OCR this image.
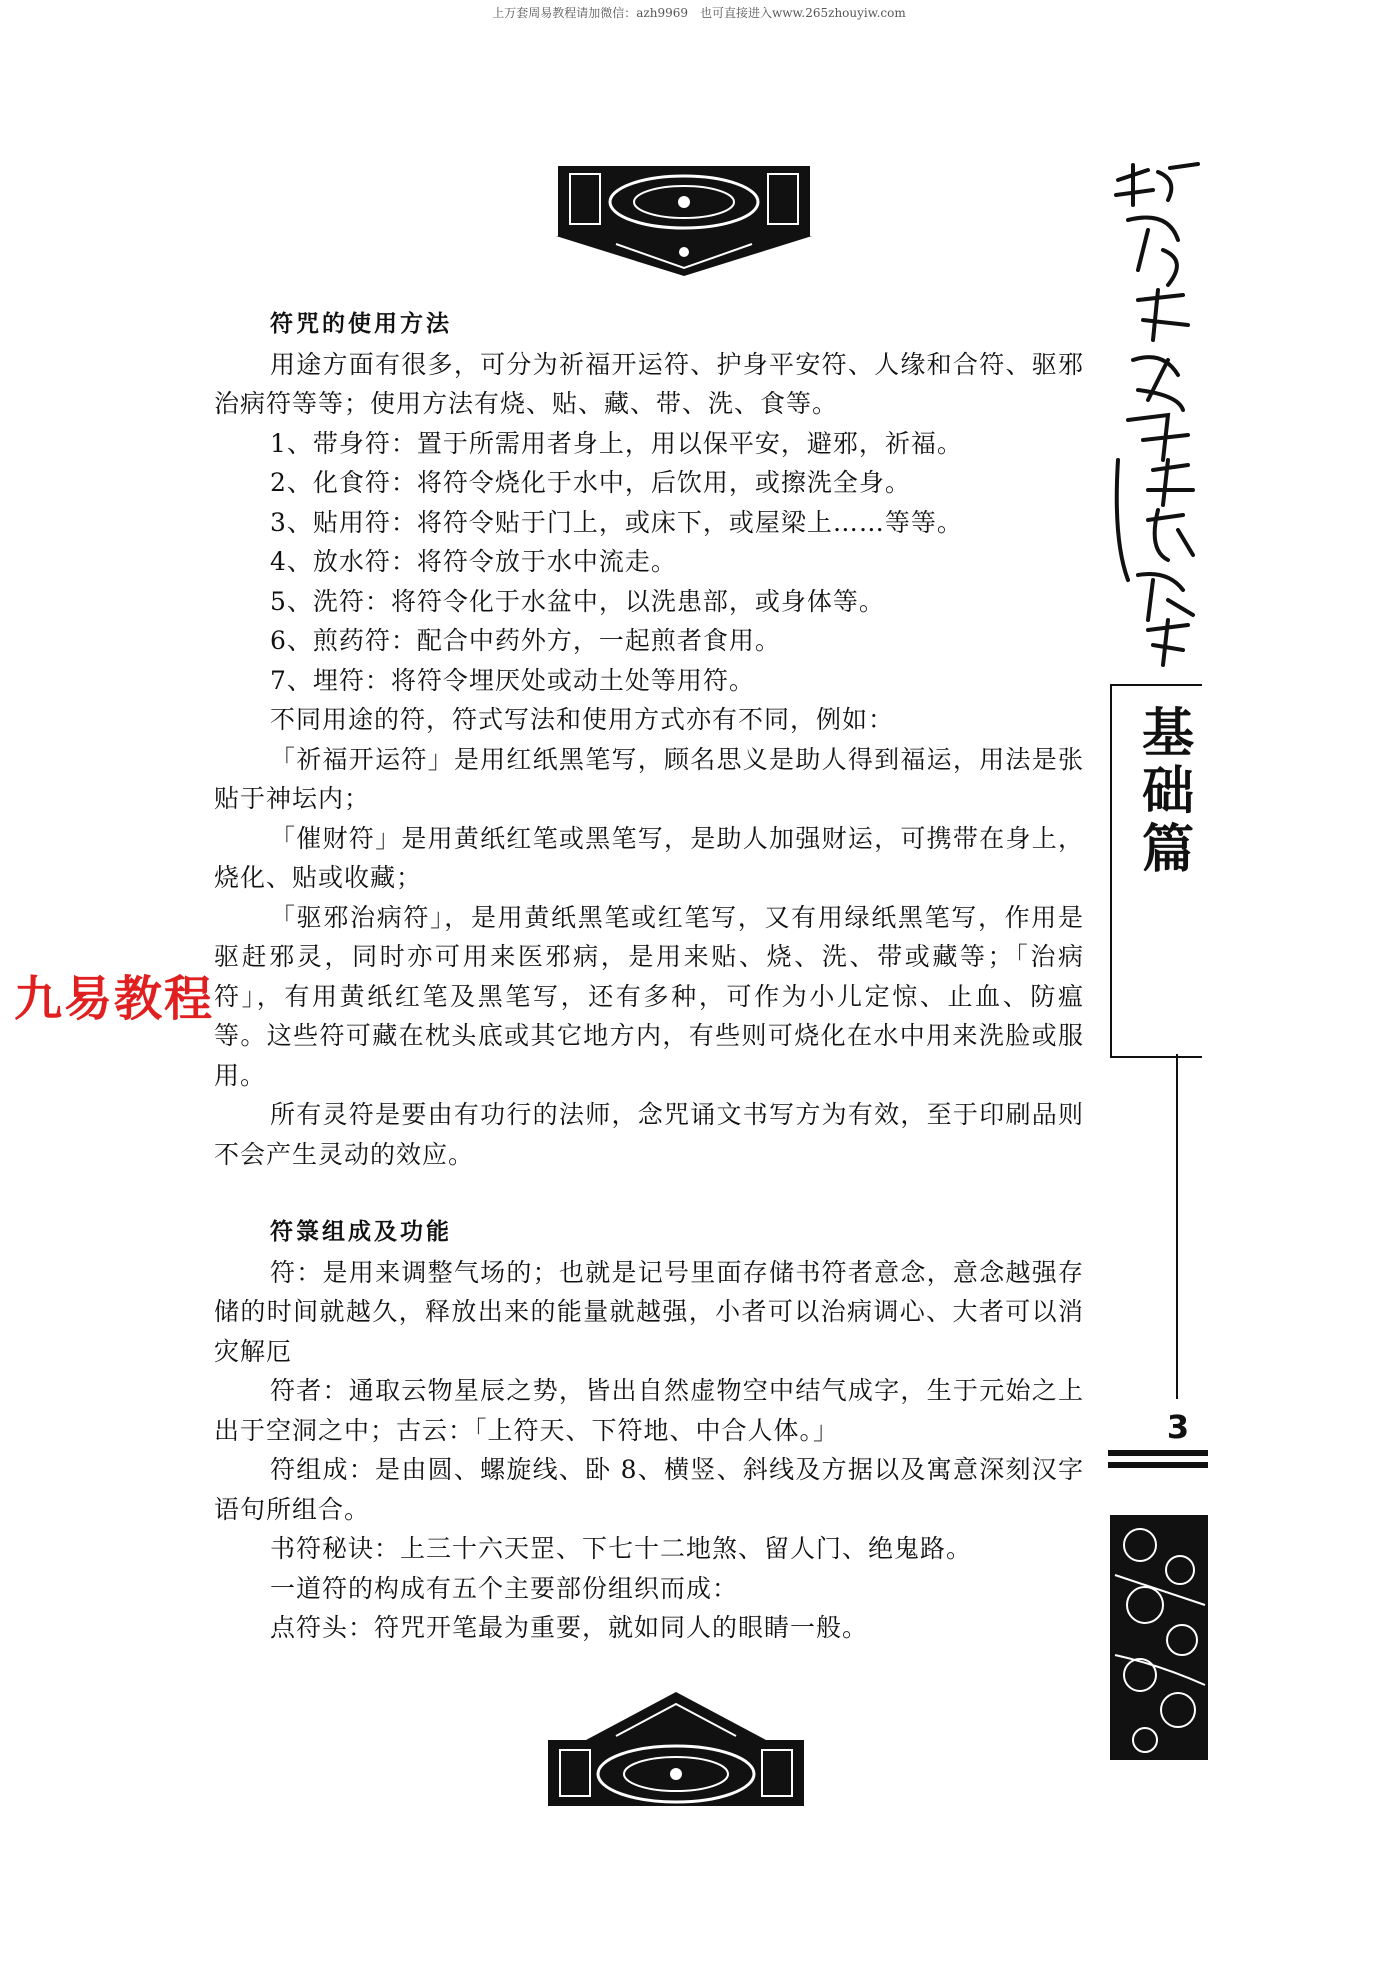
上万套周易教程请加微信：azh9969　也可直接进入www.265zhouyiw.com
符咒的使用方法

用途方面有很多，可分为祈福开运符、护身平安符、人缘和合符、驱邪治病符等等；使用方法有烧、贴、藏、带、洗、食等。

1、带身符：置于所需用者身上，用以保平安，避邪，祈福。

2、化食符：将符令烧化于水中，后饮用，或擦洗全身。

3、贴用符：将符令贴于门上，或床下，或屋梁上……等等。

4、放水符：将符令放于水中流走。

5、洗符：将符令化于水盆中，以洗患部，或身体等。

6、煎药符：配合中药外方，一起煎者食用。

7、埋符：将符令埋厌处或动土处等用符。

不同用途的符，符式写法和使用方式亦有不同，例如：

「祈福开运符」是用红纸黑笔写，顾名思义是助人得到福运，用法是张贴于神坛内；

「催财符」是用黄纸红笔或黑笔写，是助人加强财运，可携带在身上，烧化、贴或收藏；

「驱邪治病符」，是用黄纸黑笔或红笔写，又有用绿纸黑笔写，作用是驱赶邪灵，同时亦可用来医邪病，是用来贴、烧、洗、带或藏等；「治病符」，有用黄纸红笔及黑笔写，还有多种，可作为小儿定惊、止血、防瘟等。这些符可藏在枕头底或其它地方内，有些则可烧化在水中用来洗脸或服用。

所有灵符是要由有功行的法师，念咒诵文书写方为有效，至于印刷品则不会产生灵动的效应。

符箓组成及功能

符：是用来调整气场的；也就是记号里面存储书符者意念，意念越强存储的时间就越久，释放出来的能量就越强，小者可以治病调心、大者可以消灾解厄

符者：通取云物星辰之势，皆出自然虚物空中结气成字，生于元始之上出于空洞之中；古云：「上符天、下符地、中合人体。」

符组成：是由圆、螺旋线、卧 8、横竖、斜线及方据以及寓意深刻汉字语句所组合。

书符秘诀：上三十六天罡、下七十二地煞、留人门、绝鬼路。

一道符的构成有五个主要部份组织而成：

点符头：符咒开笔最为重要，就如同人的眼睛一般。

基础篇
3
九易教程
